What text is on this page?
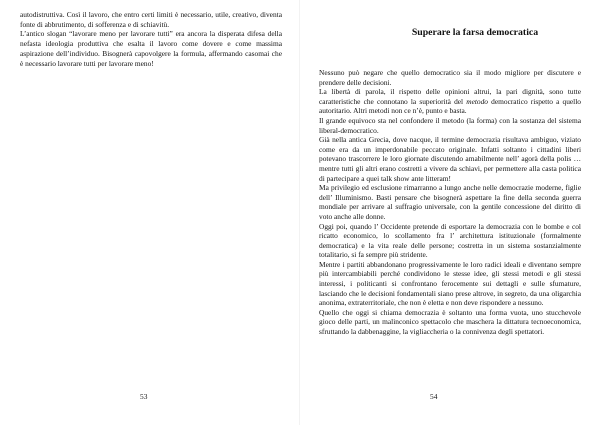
autodistruttiva. Così il lavoro, che entro certi limiti è necessario, utile, creativo, diventa fonte di abbrutimento, di sofferenza e di schiavitù.

L’antico slogan “lavorare meno per lavorare tutti” era ancora la disperata difesa della nefasta ideologia produttiva che esalta il lavoro come dovere e come massima aspirazione dell’individuo. Bisognerà capovolgere la formula, affermando casomai che è necessario lavorare tutti per lavorare meno!

53
Superare la farsa democratica

Nessuno può negare che quello democratico sia il modo migliore per discutere e prendere delle decisioni.
La libertà di parola, il rispetto delle opinioni altrui, la pari dignità, sono tutte caratteristiche che connotano la superiorità del metodo democratico rispetto a quello autoritario. Altri metodi non ce n’è, punto e basta.

Il grande equivoco sta nel confondere il metodo (la forma) con la sostanza del sistema liberal-democratico.

Già nella antica Grecia, dove nacque, il termine democrazia risultava ambiguo, viziato come era da un imperdonabile peccato originale. Infatti soltanto i cittadini liberi potevano trascorrere le loro giornate discutendo amabilmente nell’ agorà della polis … mentre tutti gli altri erano costretti a vivere da schiavi, per permettere alla casta politica di partecipare a quei talk show ante litteram!

Ma privilegio ed esclusione rimarranno a lungo anche nelle democrazie moderne, figlie dell’ Illuminismo. Basti pensare che bisognerà aspettare la fine della seconda guerra mondiale per arrivare al suffragio universale, con la gentile concessione del diritto di voto anche alle donne.

Oggi poi, quando l’ Occidente pretende di esportare la democrazia con le bombe e col ricatto economico, lo scollamento fra l’ architettura istituzionale (formalmente democratica) e la vita reale delle persone; costretta in un sistema sostanzialmente totalitario, si fa sempre più stridente.

Mentre i partiti abbandonano progressivamente le loro radici ideali e diventano sempre più intercambiabili perché condividono le stesse idee, gli stessi metodi e gli stessi interessi, i politicanti si confrontano ferocemente sui dettagli e sulle sfumature, lasciando che le decisioni fondamentali siano prese altrove, in segreto, da una oligarchia anonima, extraterritoriale, che non è eletta e non deve rispondere a nessuno.

Quello che oggi si chiama democrazia è soltanto una forma vuota, uno stucchevole gioco delle parti, un malinconico spettacolo che maschera la dittatura tecnoeconomica, sfruttando la dabbenaggine, la vigliaccheria o la connivenza degli spettatori.

54
